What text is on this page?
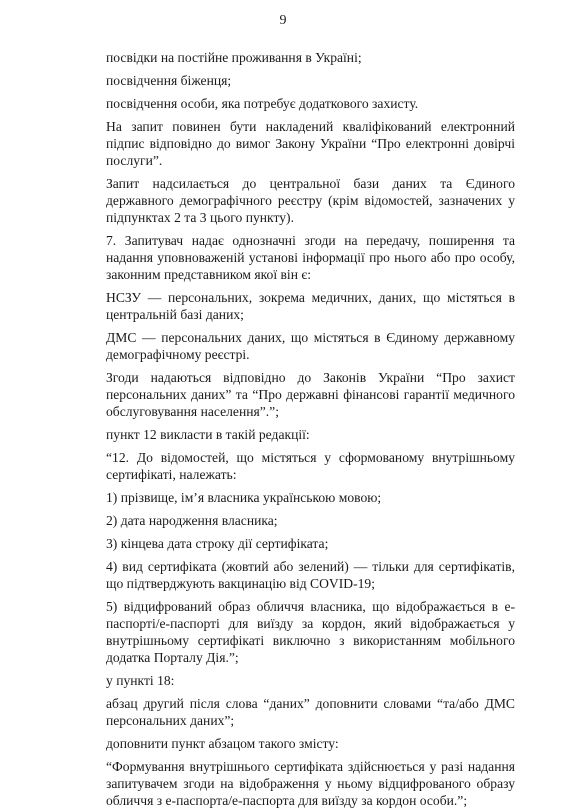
9

посвідки на постійне проживання в Україні;

посвідчення біженця;

посвідчення особи, яка потребує додаткового захисту.

На запит повинен бути накладений кваліфікований електронний підпис відповідно до вимог Закону України “Про електронні довірчі послуги”.

Запит надсилається до центральної бази даних та Єдиного державного демографічного реєстру (крім відомостей, зазначених у підпунктах 2 та 3 цього пункту).

7. Запитувач надає однозначні згоди на передачу, поширення та надання уповноваженій установі інформації про нього або про особу, законним представником якої він є:

НСЗУ — персональних, зокрема медичних, даних, що містяться в центральній базі даних;

ДМС — персональних даних, що містяться в Єдиному державному демографічному реєстрі.

Згоди надаються відповідно до Законів України “Про захист персональних даних” та “Про державні фінансові гарантії медичного обслуговування населення”.”;

пункт 12 викласти в такій редакції:

“12. До відомостей, що містяться у сформованому внутрішньому сертифікаті, належать:

1) прізвище, ім’я власника українською мовою;

2) дата народження власника;

3) кінцева дата строку дії сертифіката;

4) вид сертифіката (жовтий або зелений) — тільки для сертифікатів, що підтверджують вакцинацію від COVID-19;

5) відцифрований образ обличчя власника, що відображається в е-паспорті/е-паспорті для виїзду за кордон, який відображається у внутрішньому сертифікаті виключно з використанням мобільного додатка Порталу Дія.”;

у пункті 18:

абзац другий після слова “даних” доповнити словами “та/або ДМС персональних даних”;

доповнити пункт абзацом такого змісту:

“Формування внутрішнього сертифіката здійснюється у разі надання запитувачем згоди на відображення у ньому відцифрованого образу обличчя з е-паспорта/е-паспорта для виїзду за кордон особи.”;
